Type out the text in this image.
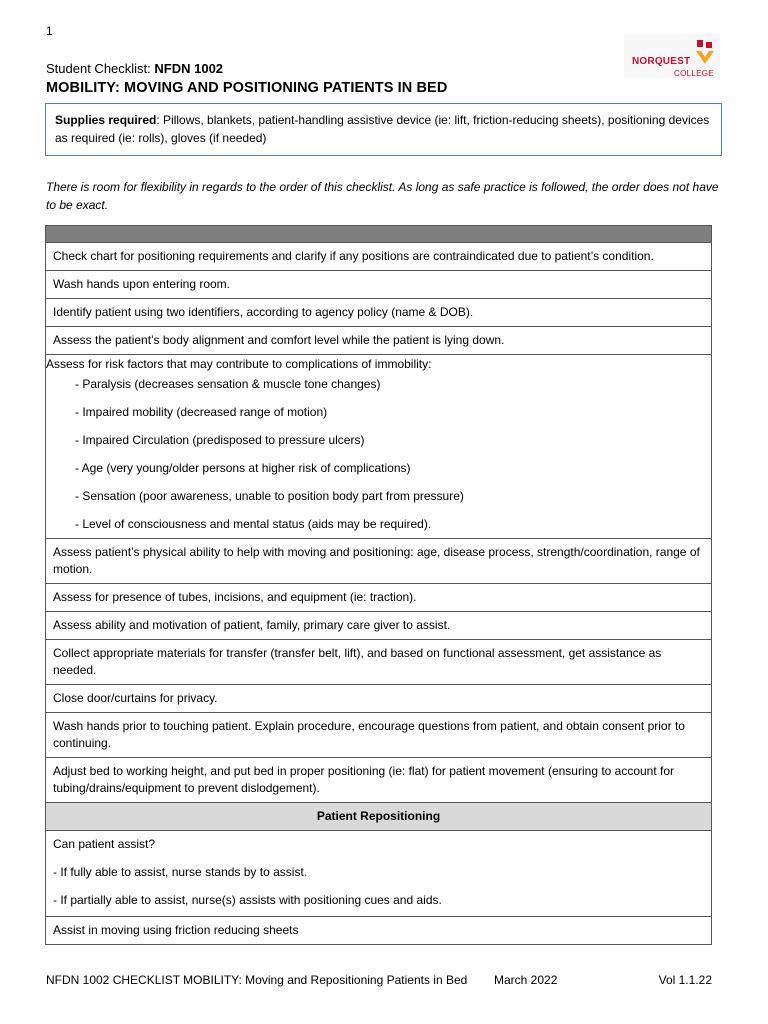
1
NORQUEST
COLLEGE
Student Checklist: NFDN 1002
MOBILITY: MOVING AND POSITIONING PATIENTS IN BED
Supplies required: Pillows, blankets, patient-handling assistive device (ie: lift, friction-reducing sheets), positioning devices as required (ie: rolls), gloves (if needed)
There is room for flexibility in regards to the order of this checklist. As long as safe practice is followed, the order does not have to be exact.
Check chart for positioning requirements and clarify if any positions are contraindicated due to patient’s condition.
Wash hands upon entering room.
Identify patient using two identifiers, according to agency policy (name & DOB).
Assess the patient’s body alignment and comfort level while the patient is lying down.
Assess for risk factors that may contribute to complications of immobility:
- Paralysis (decreases sensation & muscle tone changes)
- Impaired mobility (decreased range of motion)
- Impaired Circulation (predisposed to pressure ulcers)
- Age (very young/older persons at higher risk of complications)
- Sensation (poor awareness, unable to position body part from pressure)
- Level of consciousness and mental status (aids may be required).
Assess patient’s physical ability to help with moving and positioning: age, disease process, strength/coordination, range of motion.
Assess for presence of tubes, incisions, and equipment (ie: traction).
Assess ability and motivation of patient, family, primary care giver to assist.
Collect appropriate materials for transfer (transfer belt, lift), and based on functional assessment, get assistance as needed.
Close door/curtains for privacy.
Wash hands prior to touching patient. Explain procedure, encourage questions from patient, and obtain consent prior to continuing.
Adjust bed to working height, and put bed in proper positioning (ie: flat) for patient movement (ensuring to account for tubing/drains/equipment to prevent dislodgement).
Patient Repositioning
Can patient assist?
- If fully able to assist, nurse stands by to assist.
- If partially able to assist, nurse(s) assists with positioning cues and aids.
Assist in moving using friction reducing sheets
NFDN 1002 CHECKLIST MOBILITY: Moving and Repositioning Patients in Bed March 2022	Vol 1.1.22
